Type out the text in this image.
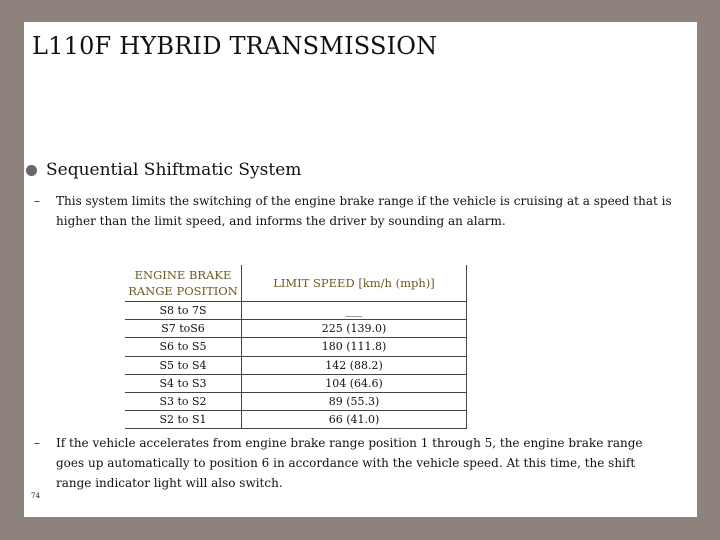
L110F HYBRID TRANSMISSION
Sequential Shiftmatic System
–	This system limits the switching of the engine brake range if the vehicle is cruising at a speed that is higher than the limit speed, and informs the driver by sounding an alarm.
ENGINE BRAKE RANGE POSITION	LIMIT SPEED [km/h (mph)]
S8 to 7S	___
S7 toS6	225 (139.0)
S6 to S5	180 (111.8)
S5 to S4	142 (88.2)
S4 to S3	104 (64.6)
S3 to S2	89 (55.3)
S2 to S1	66 (41.0)
–	If the vehicle accelerates from engine brake range position 1 through 5, the engine brake range goes up automatically to position 6 in accordance with the vehicle speed. At this time, the shift range indicator light will also switch.
74
